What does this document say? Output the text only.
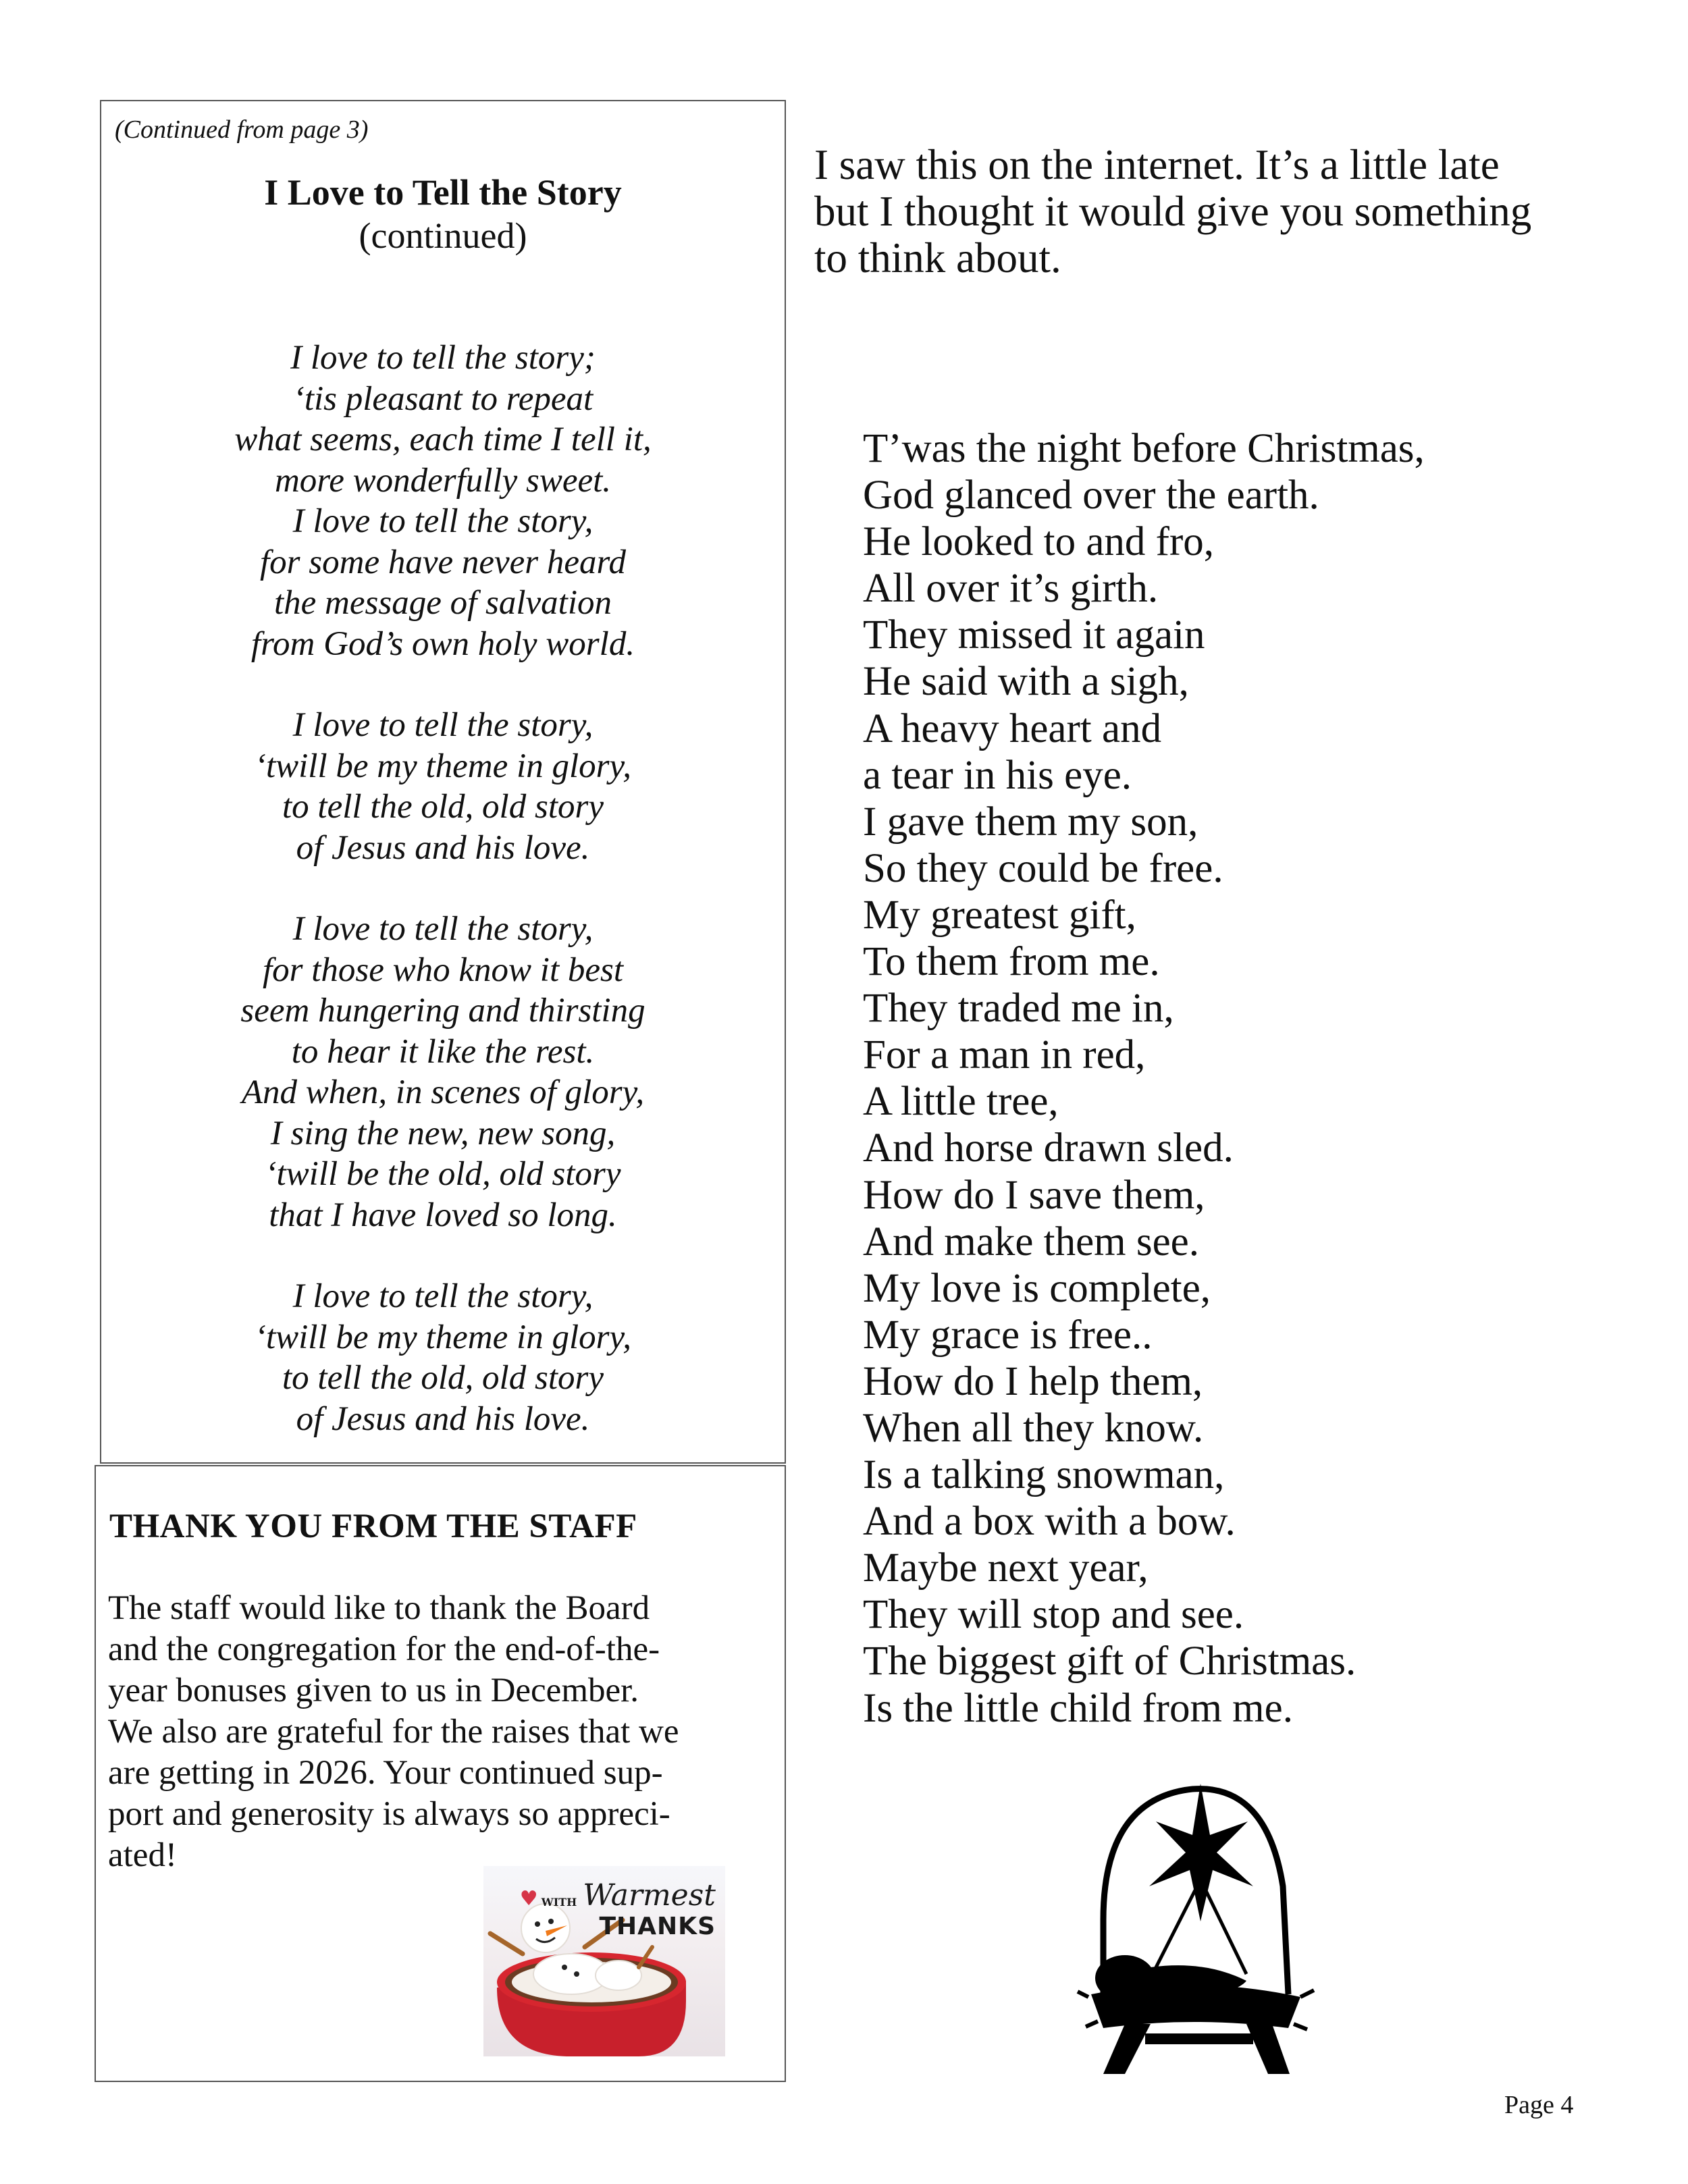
(Continued from page 3)

I Love to Tell the Story

(continued)

I love to tell the story;
‘tis pleasant to repeat
what seems, each time I tell it,
more wonderfully sweet.
I love to tell the story,
for some have never heard
the message of salvation
from God’s own holy world.
I love to tell the story,
‘twill be my theme in glory,
to tell the old, old story
of Jesus and his love.
I love to tell the story,
for those who know it best
seem hungering and thirsting
to hear it like the rest.
And when, in scenes of glory,
I sing the new, new song,
‘twill be the old, old story
that I have loved so long.
I love to tell the story,
‘twill be my theme in glory,
to tell the old, old story
of Jesus and his love.
THANK YOU FROM THE STAFF
The staff would like to thank the Board
and the congregation for the end-of-the-
year bonuses given to us in December.
We also are grateful for the raises that we
are getting in 2026. Your continued sup-
port and generosity is always so appreci-
ated!
♥ WITH Warmest
THANKS
I saw this on the internet. It’s a little late
but I thought it would give you something
to think about.
T’was the night before Christmas,
God glanced over the earth.
He looked to and fro,
All over it’s girth.
They missed it again
He said with a sigh,
A heavy heart and
a tear in his eye.
I gave them my son,
So they could be free.
My greatest gift,
To them from me.
They traded me in,
For a man in red,
A little tree,
And horse drawn sled.
How do I save them,
And make them see.
My love is complete,
My grace is free..
How do I help them,
When all they know.
Is a talking snowman,
And a box with a bow.
Maybe next year,
They will stop and see.
The biggest gift of Christmas.
Is the little child from me.
Page 4
